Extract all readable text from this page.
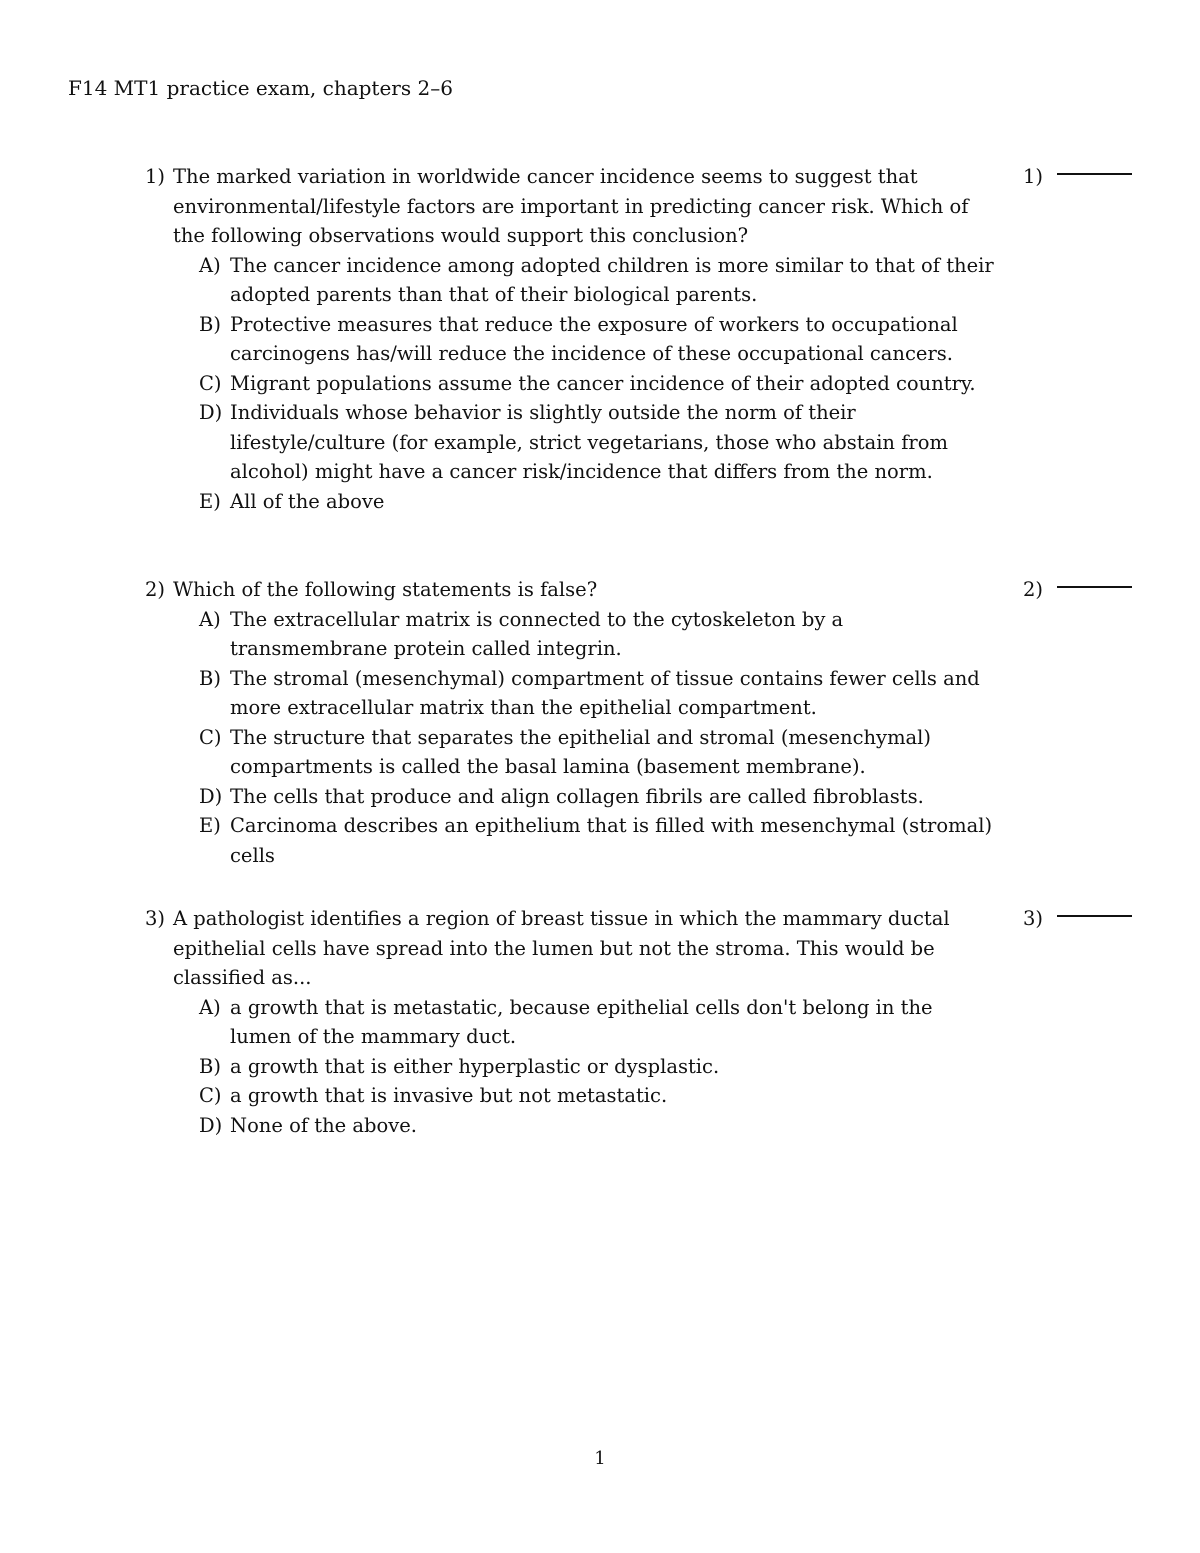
F14 MT1 practice exam, chapters 2–6
1) The marked variation in worldwide cancer incidence seems to suggest that environmental/lifestyle factors are important in predicting cancer risk. Which of the following observations would support this conclusion?
A) The cancer incidence among adopted children is more similar to that of their adopted parents than that of their biological parents.
B) Protective measures that reduce the exposure of workers to occupational carcinogens has/will reduce the incidence of these occupational cancers.
C) Migrant populations assume the cancer incidence of their adopted country.
D) Individuals whose behavior is slightly outside the norm of their lifestyle/culture (for example, strict vegetarians, those who abstain from alcohol) might have a cancer risk/incidence that differs from the norm.
E) All of the above
1)
2) Which of the following statements is false?
A) The extracellular matrix is connected to the cytoskeleton by a transmembrane protein called integrin.
B) The stromal (mesenchymal) compartment of tissue contains fewer cells and more extracellular matrix than the epithelial compartment.
C) The structure that separates the epithelial and stromal (mesenchymal) compartments is called the basal lamina (basement membrane).
D) The cells that produce and align collagen fibrils are called fibroblasts.
E) Carcinoma describes an epithelium that is filled with mesenchymal (stromal) cells
2)
3) A pathologist identifies a region of breast tissue in which the mammary ductal epithelial cells have spread into the lumen but not the stroma. This would be classified as...
A) a growth that is metastatic, because epithelial cells don't belong in the lumen of the mammary duct.
B) a growth that is either hyperplastic or dysplastic.
C) a growth that is invasive but not metastatic.
D) None of the above.
3)
1
